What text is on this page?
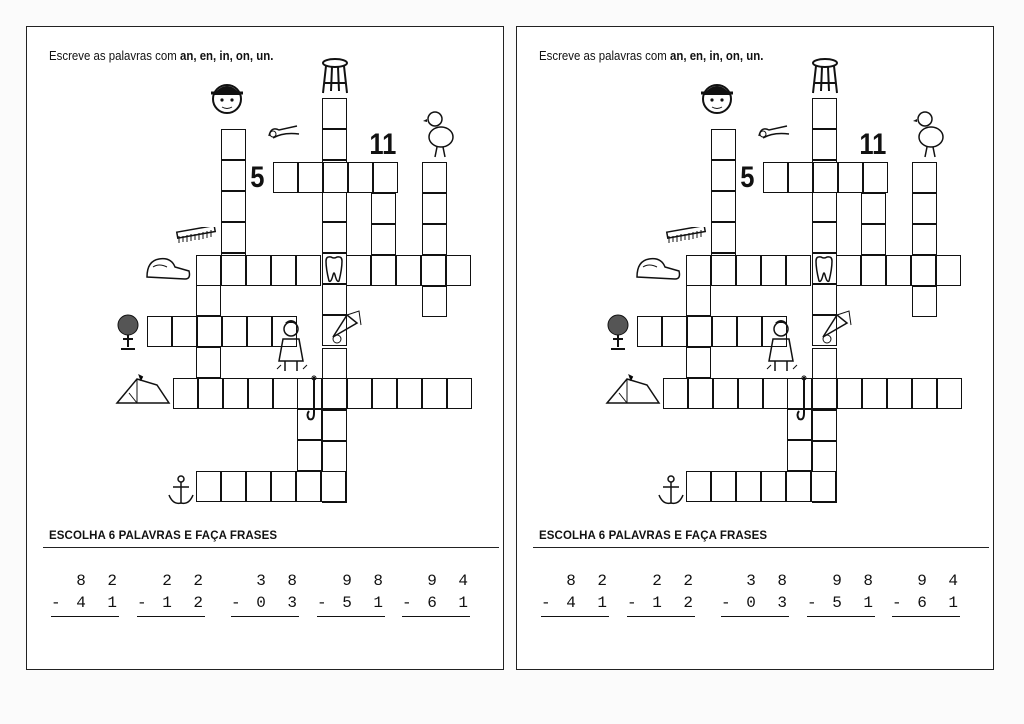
Escreve as palavras com an, en, in, on, un.
5
11
ESCOLHA 6 PALAVRAS E FAÇA FRASES
8 2
- 4 1
2 2
- 1 2
3 8
- 0 3
9 8
- 5 1
9 4
- 6 1
Escreve as palavras com an, en, in, on, un.
5
11
ESCOLHA 6 PALAVRAS E FAÇA FRASES
8 2
- 4 1
2 2
- 1 2
3 8
- 0 3
9 8
- 5 1
9 4
- 6 1
